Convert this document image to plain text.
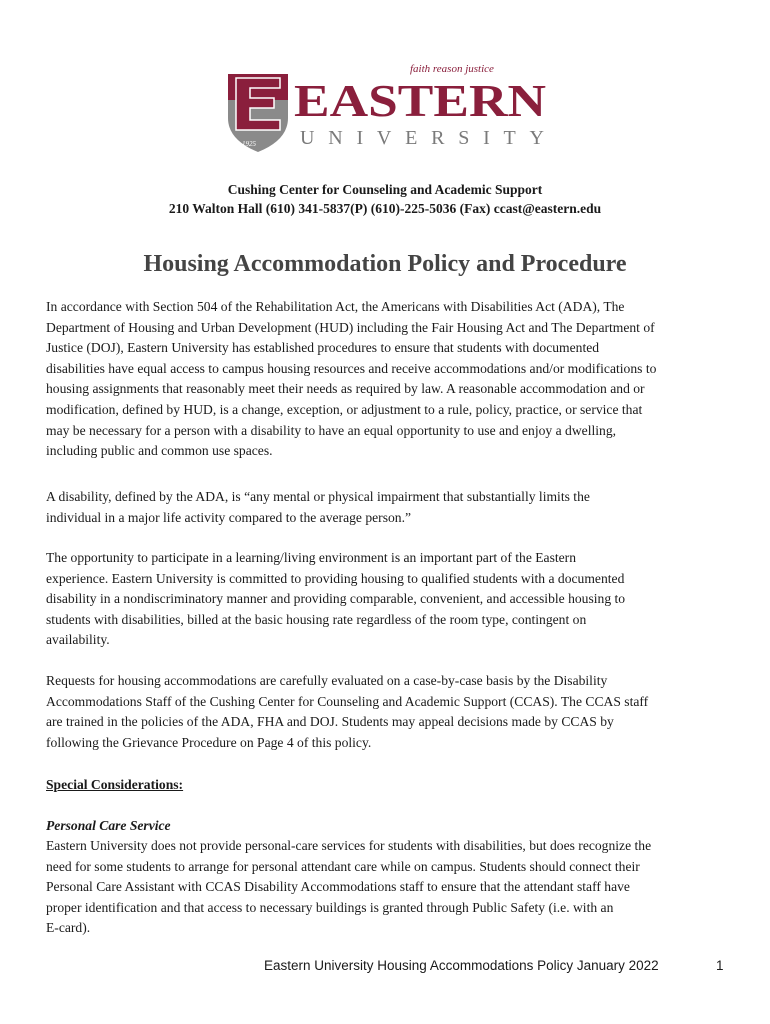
1925
faith reason justice
EASTERN
UNIVERSITY
Cushing Center for Counseling and Academic Support
210 Walton Hall (610) 341-5837(P) (610)-225-5036 (Fax) ccast@eastern.edu
Housing Accommodation Policy and Procedure

In accordance with Section 504 of the Rehabilitation Act, the Americans with Disabilities Act (ADA), The
Department of Housing and Urban Development (HUD) including the Fair Housing Act and The Department of
Justice (DOJ), Eastern University has established procedures to ensure that students with documented
disabilities have equal access to campus housing resources and receive accommodations and/or modifications to
housing assignments that reasonably meet their needs as required by law. A reasonable accommodation and or
modification, defined by HUD, is a change, exception, or adjustment to a rule, policy, practice, or service that
may be necessary for a person with a disability to have an equal opportunity to use and enjoy a dwelling,
including public and common use spaces.

A disability, defined by the ADA, is “any mental or physical impairment that substantially limits the
individual in a major life activity compared to the average person.”

The opportunity to participate in a learning/living environment is an important part of the Eastern
experience. Eastern University is committed to providing housing to qualified students with a documented
disability in a nondiscriminatory manner and providing comparable, convenient, and accessible housing to
students with disabilities, billed at the basic housing rate regardless of the room type, contingent on
availability.

Requests for housing accommodations are carefully evaluated on a case-by-case basis by the Disability
Accommodations Staff of the Cushing Center for Counseling and Academic Support (CCAS). The CCAS staff
are trained in the policies of the ADA, FHA and DOJ. Students may appeal decisions made by CCAS by
following the Grievance Procedure on Page 4 of this policy.

Special Considerations:
Personal Care Service

Eastern University does not provide personal-care services for students with disabilities, but does recognize the
need for some students to arrange for personal attendant care while on campus. Students should connect their
Personal Care Assistant with CCAS Disability Accommodations staff to ensure that the attendant staff have
proper identification and that access to necessary buildings is granted through Public Safety (i.e. with an
E-card).

Eastern University Housing Accommodations Policy January 2022	1
